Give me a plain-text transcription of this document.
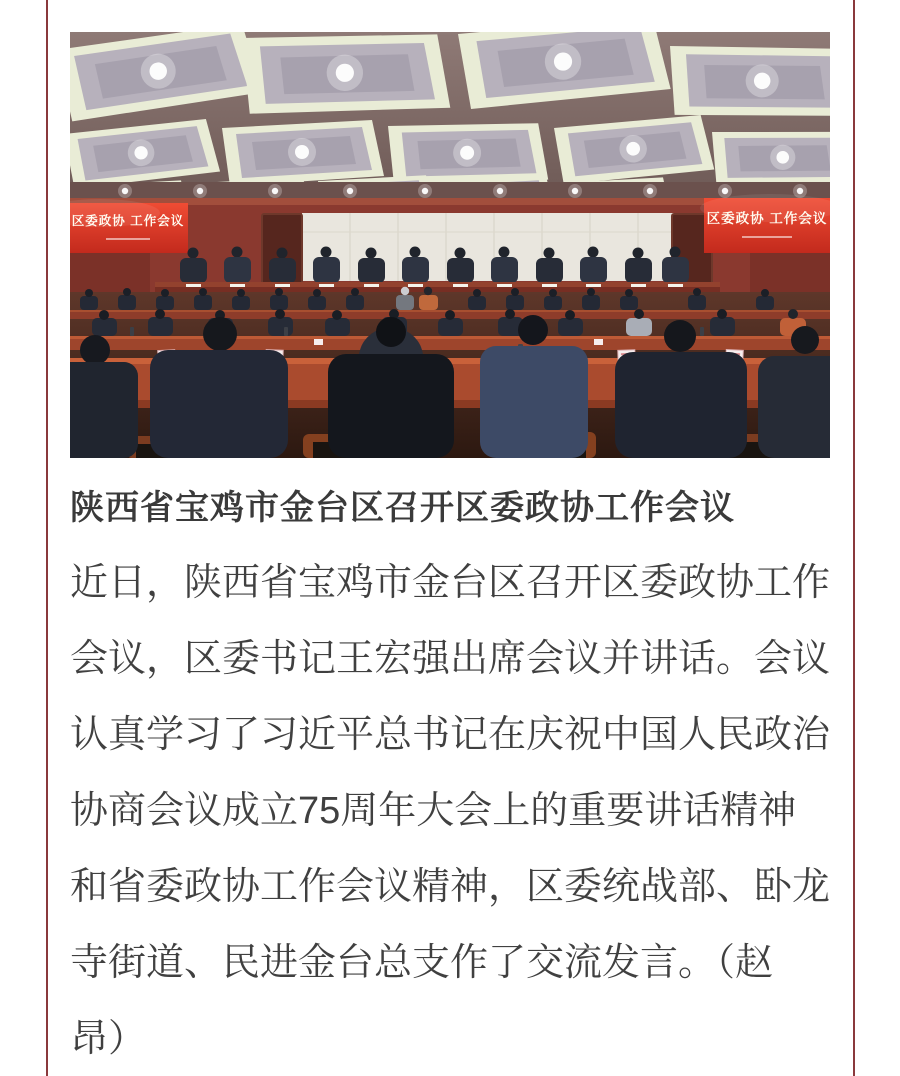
区委政协 工作会议	区委政协 工作会议
陕西省宝鸡市金台区召开区委政协工作会议
近日，陕西省宝鸡市金台区召开区委政协工作
会议，区委书记王宏强出席会议并讲话。会议
认真学习了习近平总书记在庆祝中国人民政治
协商会议成立75周年大会上的重要讲话精神
和省委政协工作会议精神，区委统战部、卧龙
寺街道、民进金台总支作了交流发言。（赵
昂）
